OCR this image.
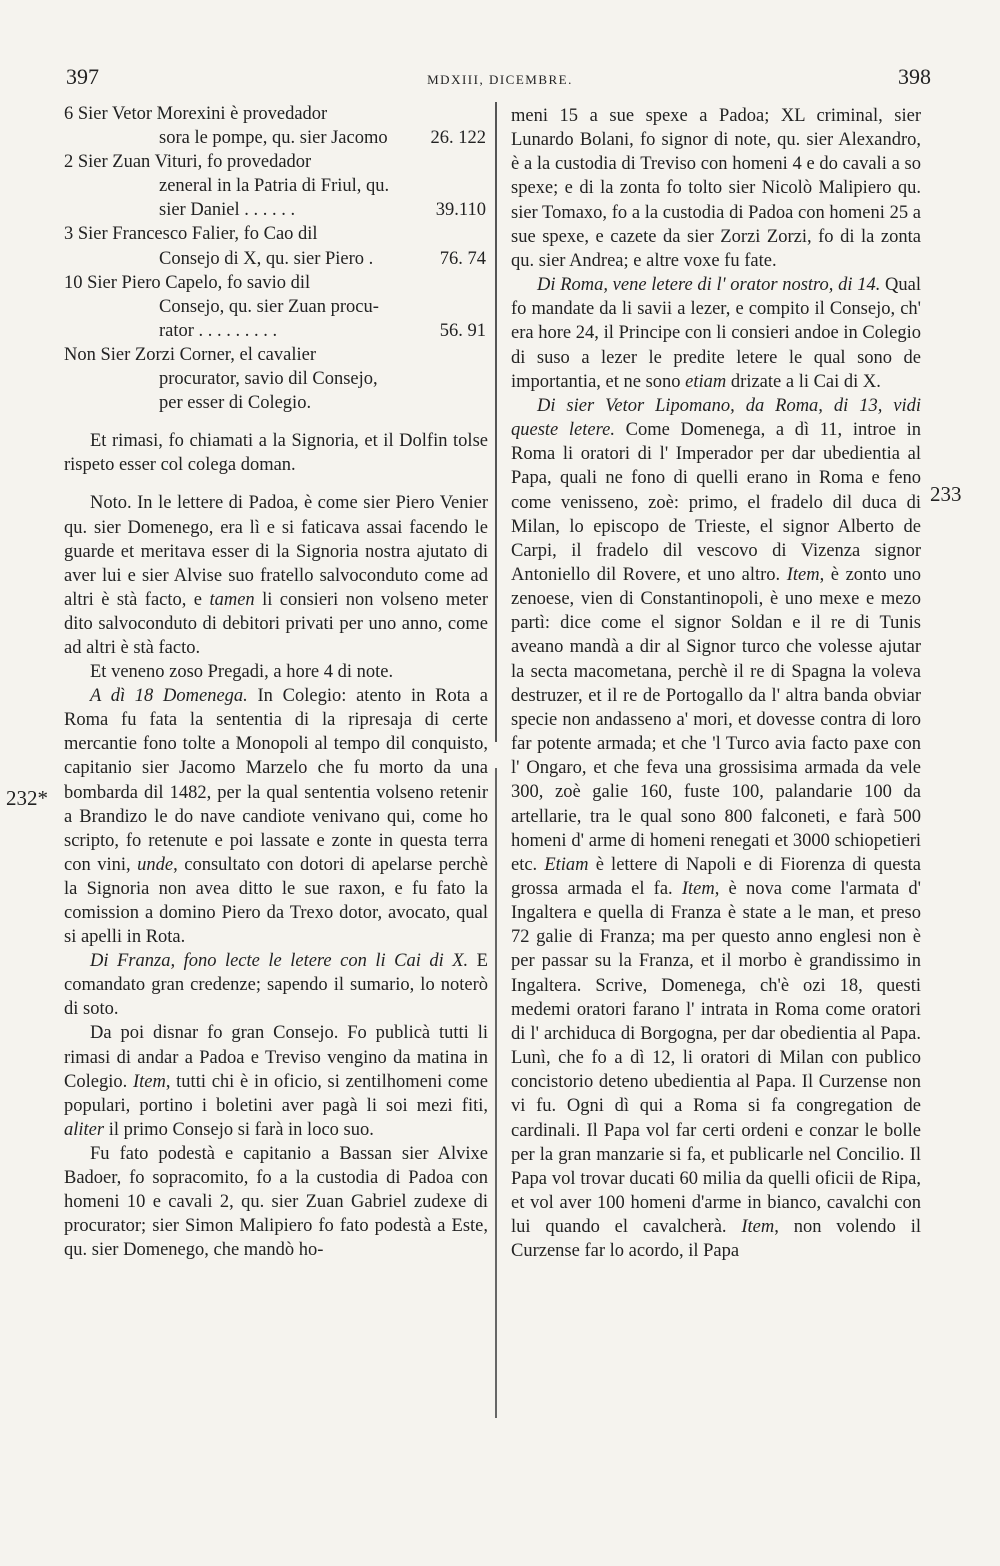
397	MDXIII, DICEMBRE.	398
232*
233
6 Sier Vetor Morexini è provedador
sora le pompe, qu. sier Jacomo	26. 122
2 Sier Zuan Vituri, fo provedador
zeneral in la Patria di Friul, qu.
sier Daniel . . . . . .	39.110
3 Sier Francesco Falier, fo Cao dil
Consejo di X, qu. sier Piero .	76. 74
10 Sier Piero Capelo, fo savio dil
Consejo, qu. sier Zuan procu-
rator . . . . . . . . .	56. 91
Non Sier Zorzi Corner, el cavalier
procurator, savio dil Consejo,
per esser di Colegio.

Et rimasi, fo chiamati a la Signoria, et il Dolfin tolse rispeto esser col colega doman.

Noto. In le lettere di Padoa, è come sier Piero Venier qu. sier Domenego, era lì e si faticava assai facendo le guarde et meritava esser di la Signoria nostra ajutato di aver lui e sier Alvise suo fratello salvoconduto come ad altri è stà facto, e tamen li consieri non volseno meter dito salvoconduto di debitori privati per uno anno, come ad altri è stà facto.

Et veneno zoso Pregadi, a hore 4 di note.

A dì 18 Domenega. In Colegio: atento in Rota a Roma fu fata la sententia di la ripresaja di certe mercantie fono tolte a Monopoli al tempo dil conquisto, capitanio sier Jacomo Marzelo che fu morto da una bombarda dil 1482, per la qual sententia volseno retenir a Brandizo le do nave candiote venivano qui, come ho scripto, fo retenute e poi lassate e zonte in questa terra con vini, unde, consultato con dotori di apelarse perchè la Signoria non avea ditto le sue raxon, e fu fato la comission a domino Piero da Trexo dotor, avocato, qual si apelli in Rota.

Di Franza, fono lecte le letere con li Cai di X. E comandato gran credenze; sapendo il sumario, lo noterò di soto.

Da poi disnar fo gran Consejo. Fo publicà tutti li rimasi di andar a Padoa e Treviso vengino da matina in Colegio. Item, tutti chi è in oficio, si zentilhomeni come populari, portino i boletini aver pagà li soi mezi fiti, aliter il primo Consejo si farà in loco suo.

Fu fato podestà e capitanio a Bassan sier Alvixe Badoer, fo sopracomito, fo a la custodia di Padoa con homeni 10 e cavali 2, qu. sier Zuan Gabriel zudexe di procurator; sier Simon Malipiero fo fato podestà a Este, qu. sier Domenego, che mandò ho-

meni 15 a sue spexe a Padoa; XL criminal, sier Lunardo Bolani, fo signor di note, qu. sier Alexandro, è a la custodia di Treviso con homeni 4 e do cavali a so spexe; e di la zonta fo tolto sier Nicolò Malipiero qu. sier Tomaxo, fo a la custodia di Padoa con homeni 25 a sue spexe, e cazete da sier Zorzi Zorzi, fo di la zonta qu. sier Andrea; e altre voxe fu fate.

Di Roma, vene letere di l' orator nostro, di 14. Qual fo mandate da li savii a lezer, e compito il Consejo, ch' era hore 24, il Principe con li consieri andoe in Colegio di suso a lezer le predite letere le qual sono de importantia, et ne sono etiam drizate a li Cai di X.

Di sier Vetor Lipomano, da Roma, di 13, vidi queste letere. Come Domenega, a dì 11, introe in Roma li oratori di l' Imperador per dar ubedientia al Papa, quali ne fono di quelli erano in Roma e feno come venisseno, zoè: primo, el fradelo dil duca di Milan, lo episcopo de Trieste, el signor Alberto de Carpi, il fradelo dil vescovo di Vizenza signor Antoniello dil Rovere, et uno altro. Item, è zonto uno zenoese, vien di Constantinopoli, è uno mexe e mezo partì: dice come el signor Soldan e il re di Tunis aveano mandà a dir al Signor turco che volesse ajutar la secta macometana, perchè il re di Spagna la voleva destruzer, et il re de Portogallo da l' altra banda obviar specie non andasseno a' mori, et dovesse contra di loro far potente armada; et che 'l Turco avia facto paxe con l' Ongaro, et che feva una grossisima armada da vele 300, zoè galie 160, fuste 100, palandarie 100 da artellarie, tra le qual sono 800 falconeti, e farà 500 homeni d' arme di homeni renegati et 3000 schiopetieri etc. Etiam è lettere di Napoli e di Fiorenza di questa grossa armada el fa. Item, è nova come l'armata d' Ingaltera e quella di Franza è state a le man, et preso 72 galie di Franza; ma per questo anno englesi non è per passar su la Franza, et il morbo è grandissimo in Ingaltera. Scrive, Domenega, ch'è ozi 18, questi medemi oratori farano l' intrata in Roma come oratori di l' archiduca di Borgogna, per dar obedientia al Papa. Lunì, che fo a dì 12, li oratori di Milan con publico concistorio deteno ubedientia al Papa. Il Curzense non vi fu. Ogni dì qui a Roma si fa congregation de cardinali. Il Papa vol far certi ordeni e conzar le bolle per la gran manzarie si fa, et publicarle nel Concilio. Il Papa vol trovar ducati 60 milia da quelli oficii de Ripa, et vol aver 100 homeni d'arme in bianco, cavalchi con lui quando el cavalcherà. Item, non volendo il Curzense far lo acordo, il Papa
